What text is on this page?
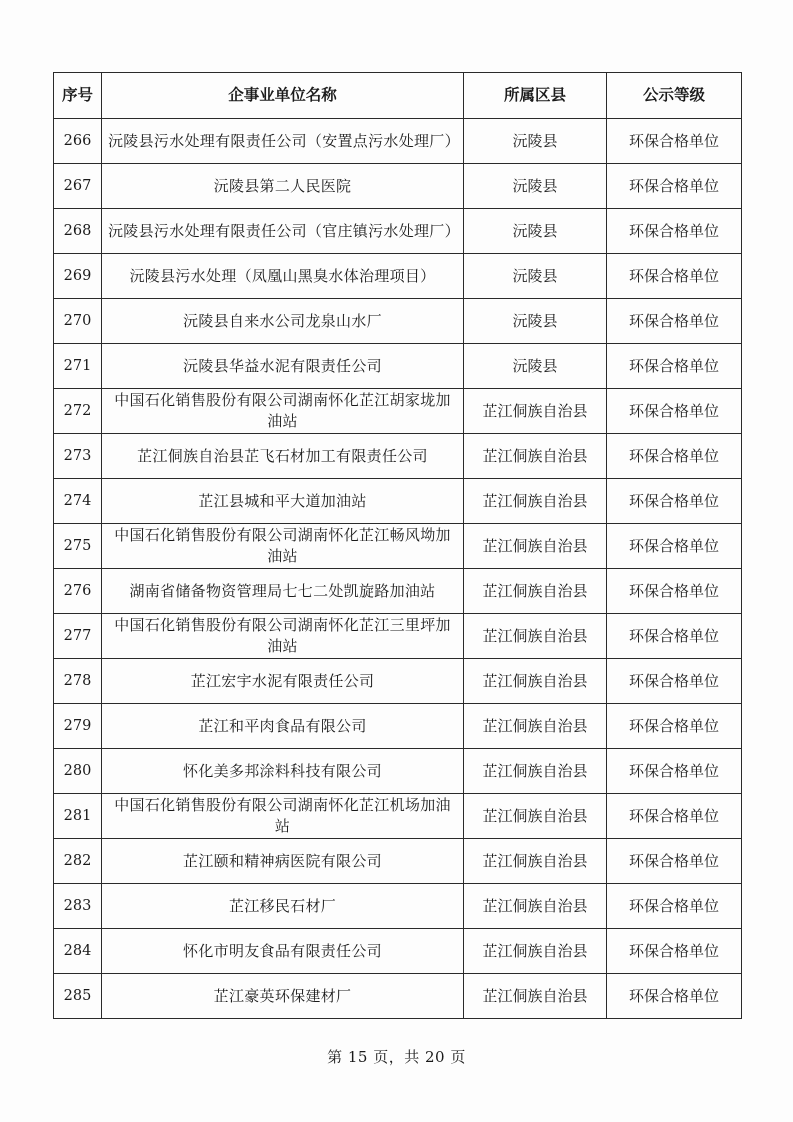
序号	企事业单位名称	所属区县	公示等级
266	沅陵县污水处理有限责任公司（安置点污水处理厂）	沅陵县	环保合格单位
267	沅陵县第二人民医院	沅陵县	环保合格单位
268	沅陵县污水处理有限责任公司（官庄镇污水处理厂）	沅陵县	环保合格单位
269	沅陵县污水处理（凤凰山黑臭水体治理项目）	沅陵县	环保合格单位
270	沅陵县自来水公司龙泉山水厂	沅陵县	环保合格单位
271	沅陵县华益水泥有限责任公司	沅陵县	环保合格单位
272	中国石化销售股份有限公司湖南怀化芷江胡家垅加油站	芷江侗族自治县	环保合格单位
273	芷江侗族自治县芷飞石材加工有限责任公司	芷江侗族自治县	环保合格单位
274	芷江县城和平大道加油站	芷江侗族自治县	环保合格单位
275	中国石化销售股份有限公司湖南怀化芷江畅风坳加油站	芷江侗族自治县	环保合格单位
276	湖南省储备物资管理局七七二处凯旋路加油站	芷江侗族自治县	环保合格单位
277	中国石化销售股份有限公司湖南怀化芷江三里坪加油站	芷江侗族自治县	环保合格单位
278	芷江宏宇水泥有限责任公司	芷江侗族自治县	环保合格单位
279	芷江和平肉食品有限公司	芷江侗族自治县	环保合格单位
280	怀化美多邦涂料科技有限公司	芷江侗族自治县	环保合格单位
281	中国石化销售股份有限公司湖南怀化芷江机场加油站	芷江侗族自治县	环保合格单位
282	芷江颐和精神病医院有限公司	芷江侗族自治县	环保合格单位
283	芷江移民石材厂	芷江侗族自治县	环保合格单位
284	怀化市明友食品有限责任公司	芷江侗族自治县	环保合格单位
285	芷江豪英环保建材厂	芷江侗族自治县	环保合格单位
第 15 页，共 20 页
